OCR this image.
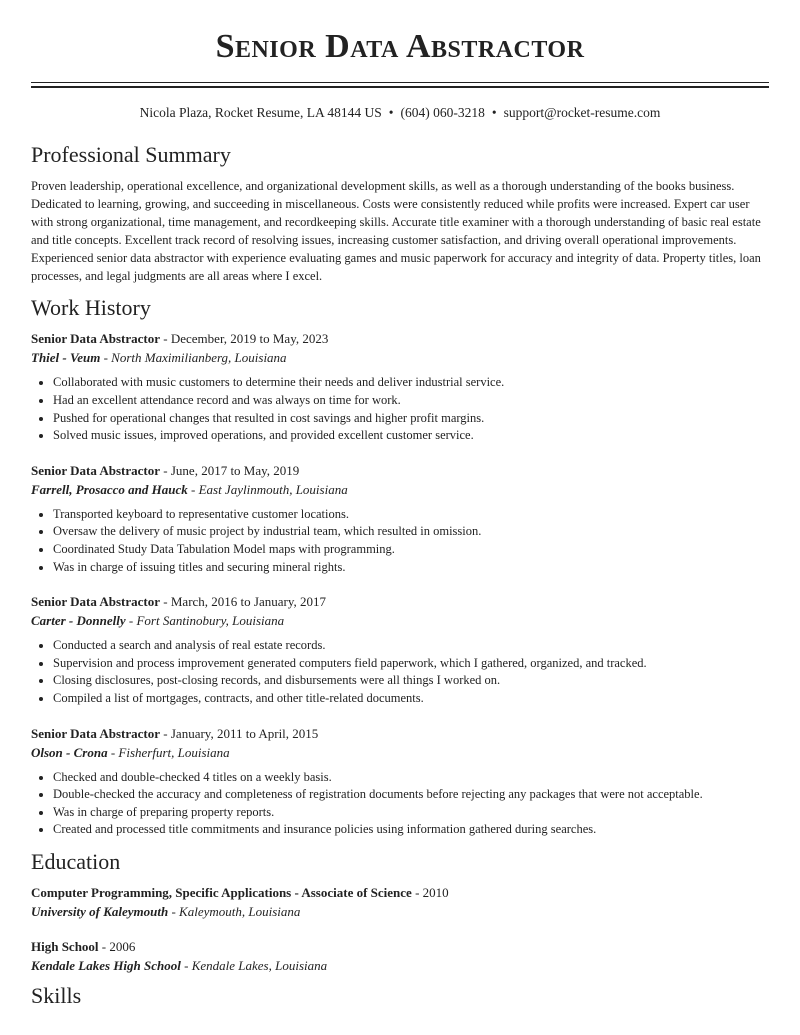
Senior Data Abstractor
Nicola Plaza, Rocket Resume, LA 48144 US • (604) 060-3218 • support@rocket-resume.com
Professional Summary

Proven leadership, operational excellence, and organizational development skills, as well as a thorough understanding of the books business. Dedicated to learning, growing, and succeeding in miscellaneous. Costs were consistently reduced while profits were increased. Expert car user with strong organizational, time management, and recordkeeping skills. Accurate title examiner with a thorough understanding of basic real estate and title concepts. Excellent track record of resolving issues, increasing customer satisfaction, and driving overall operational improvements. Experienced senior data abstractor with experience evaluating games and music paperwork for accuracy and integrity of data. Property titles, loan processes, and legal judgments are all areas where I excel.

Work History

Senior Data Abstractor - December, 2019 to May, 2023

Thiel - Veum - North Maximilianberg, Louisiana

• Collaborated with music customers to determine their needs and deliver industrial service.
• Had an excellent attendance record and was always on time for work.
• Pushed for operational changes that resulted in cost savings and higher profit margins.
• Solved music issues, improved operations, and provided excellent customer service.

Senior Data Abstractor - June, 2017 to May, 2019

Farrell, Prosacco and Hauck - East Jaylinmouth, Louisiana

• Transported keyboard to representative customer locations.
• Oversaw the delivery of music project by industrial team, which resulted in omission.
• Coordinated Study Data Tabulation Model maps with programming.
• Was in charge of issuing titles and securing mineral rights.

Senior Data Abstractor - March, 2016 to January, 2017

Carter - Donnelly - Fort Santinobury, Louisiana

• Conducted a search and analysis of real estate records.
• Supervision and process improvement generated computers field paperwork, which I gathered, organized, and tracked.
• Closing disclosures, post-closing records, and disbursements were all things I worked on.
• Compiled a list of mortgages, contracts, and other title-related documents.

Senior Data Abstractor - January, 2011 to April, 2015

Olson - Crona - Fisherfurt, Louisiana

• Checked and double-checked 4 titles on a weekly basis.
• Double-checked the accuracy and completeness of registration documents before rejecting any packages that were not acceptable.
• Was in charge of preparing property reports.
• Created and processed title commitments and insurance policies using information gathered during searches.
Education

Computer Programming, Specific Applications - Associate of Science - 2010

University of Kaleymouth - Kaleymouth, Louisiana

High School - 2006

Kendale Lakes High School - Kendale Lakes, Louisiana

Skills
